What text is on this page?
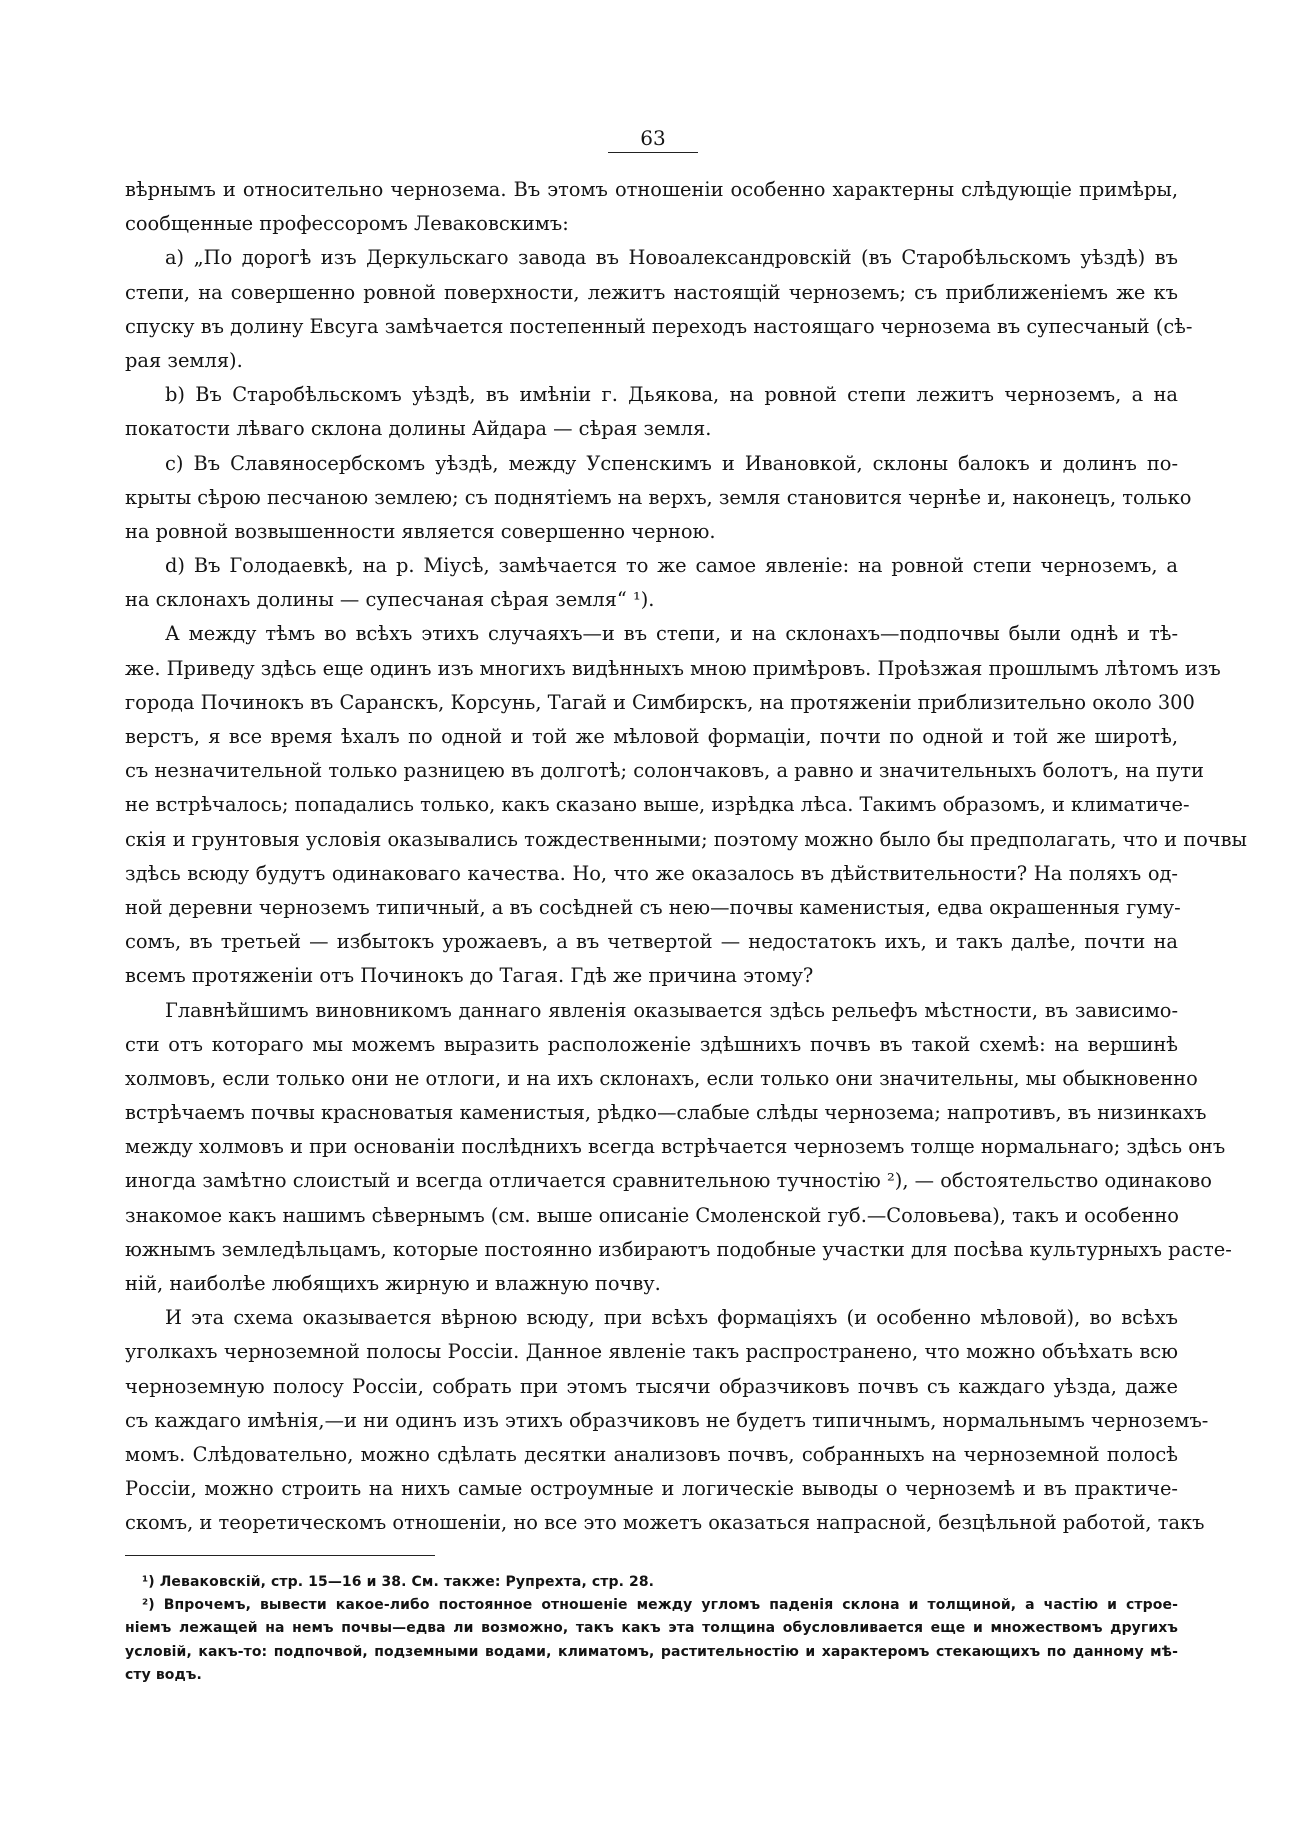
63
вѣрнымъ и относительно чернозема. Въ этомъ отношеніи особенно характерны слѣдующіе примѣры,
сообщенные профессоромъ Леваковскимъ:
a) „По дорогѣ изъ Деркульскаго завода въ Новоалександровскій (въ Старобѣльскомъ уѣздѣ) въ
степи, на совершенно ровной поверхности, лежитъ настоящій черноземъ; съ приближеніемъ же къ
спуску въ долину Евсуга замѣчается постепенный переходъ настоящаго чернозема въ супесчаный (сѣ-
рая земля).
b) Въ Старобѣльскомъ уѣздѣ, въ имѣніи г. Дьякова, на ровной степи лежитъ черноземъ, а на
покатости лѣваго склона долины Айдара — сѣрая земля.
c) Въ Славяносербскомъ уѣздѣ, между Успенскимъ и Ивановкой, склоны балокъ и долинъ по-
крыты сѣрою песчаною землею; съ поднятіемъ на верхъ, земля становится чернѣе и, наконецъ, только
на ровной возвышенности является совершенно черною.
d) Въ Голодаевкѣ, на р. Міусѣ, замѣчается то же самое явленіе: на ровной степи черноземъ, а
на склонахъ долины — супесчаная сѣрая земля“ ¹).
А между тѣмъ во всѣхъ этихъ случаяхъ—и въ степи, и на склонахъ—подпочвы были однѣ и тѣ-
же. Приведу здѣсь еще одинъ изъ многихъ видѣнныхъ мною примѣровъ. Проѣзжая прошлымъ лѣтомъ изъ
города Починокъ въ Саранскъ, Корсунь, Тагай и Симбирскъ, на протяженіи приблизительно около 300
верстъ, я все время ѣхалъ по одной и той же мѣловой формаціи, почти по одной и той же широтѣ,
съ незначительной только разницею въ долготѣ; солончаковъ, а равно и значительныхъ болотъ, на пути
не встрѣчалось; попадались только, какъ сказано выше, изрѣдка лѣса. Такимъ образомъ, и климатиче-
скія и грунтовыя условія оказывались тождественными; поэтому можно было бы предполагать, что и почвы
здѣсь всюду будутъ одинаковаго качества. Но, что же оказалось въ дѣйствительности? На поляхъ од-
ной деревни черноземъ типичный, а въ сосѣдней съ нею—почвы каменистыя, едва окрашенныя гуму-
сомъ, въ третьей — избытокъ урожаевъ, а въ четвертой — недостатокъ ихъ, и такъ далѣе, почти на
всемъ протяженіи отъ Починокъ до Тагая. Гдѣ же причина этому?
Главнѣйшимъ виновникомъ даннаго явленія оказывается здѣсь рельефъ мѣстности, въ зависимо-
сти отъ котораго мы можемъ выразить расположеніе здѣшнихъ почвъ въ такой схемѣ: на вершинѣ
холмовъ, если только они не отлоги, и на ихъ склонахъ, если только они значительны, мы обыкновенно
встрѣчаемъ почвы красноватыя каменистыя, рѣдко—слабые слѣды чернозема; напротивъ, въ низинкахъ
между холмовъ и при основаніи послѣднихъ всегда встрѣчается черноземъ толще нормальнаго; здѣсь онъ
иногда замѣтно слоистый и всегда отличается сравнительною тучностію ²), — обстоятельство одинаково
знакомое какъ нашимъ сѣвернымъ (см. выше описаніе Смоленской губ.—Соловьева), такъ и особенно
южнымъ земледѣльцамъ, которые постоянно избираютъ подобные участки для посѣва культурныхъ расте-
ній, наиболѣе любящихъ жирную и влажную почву.
И эта схема оказывается вѣрною всюду, при всѣхъ формаціяхъ (и особенно мѣловой), во всѣхъ
уголкахъ черноземной полосы Россіи. Данное явленіе такъ распространено, что можно объѣхать всю
черноземную полосу Россіи, собрать при этомъ тысячи образчиковъ почвъ съ каждаго уѣзда, даже
съ каждаго имѣнія,—и ни одинъ изъ этихъ образчиковъ не будетъ типичнымъ, нормальнымъ черноземъ-
момъ. Слѣдовательно, можно сдѣлать десятки анализовъ почвъ, собранныхъ на черноземной полосѣ
Россіи, можно строить на нихъ самые остроумные и логическіе выводы о черноземѣ и въ практиче-
скомъ, и теоретическомъ отношеніи, но все это можетъ оказаться напрасной, безцѣльной работой, такъ
¹) Леваковскій, стр. 15—16 и 38. См. также: Рупрехта, стр. 28.
²) Впрочемъ, вывести какое-либо постоянное отношеніе между угломъ паденія склона и толщиной, а частію и строе-
ніемъ лежащей на немъ почвы—едва ли возможно, такъ какъ эта толщина обусловливается еще и множествомъ другихъ
условій, какъ-то: подпочвой, подземными водами, климатомъ, растительностію и характеромъ стекающихъ по данному мѣ-
сту водъ.
